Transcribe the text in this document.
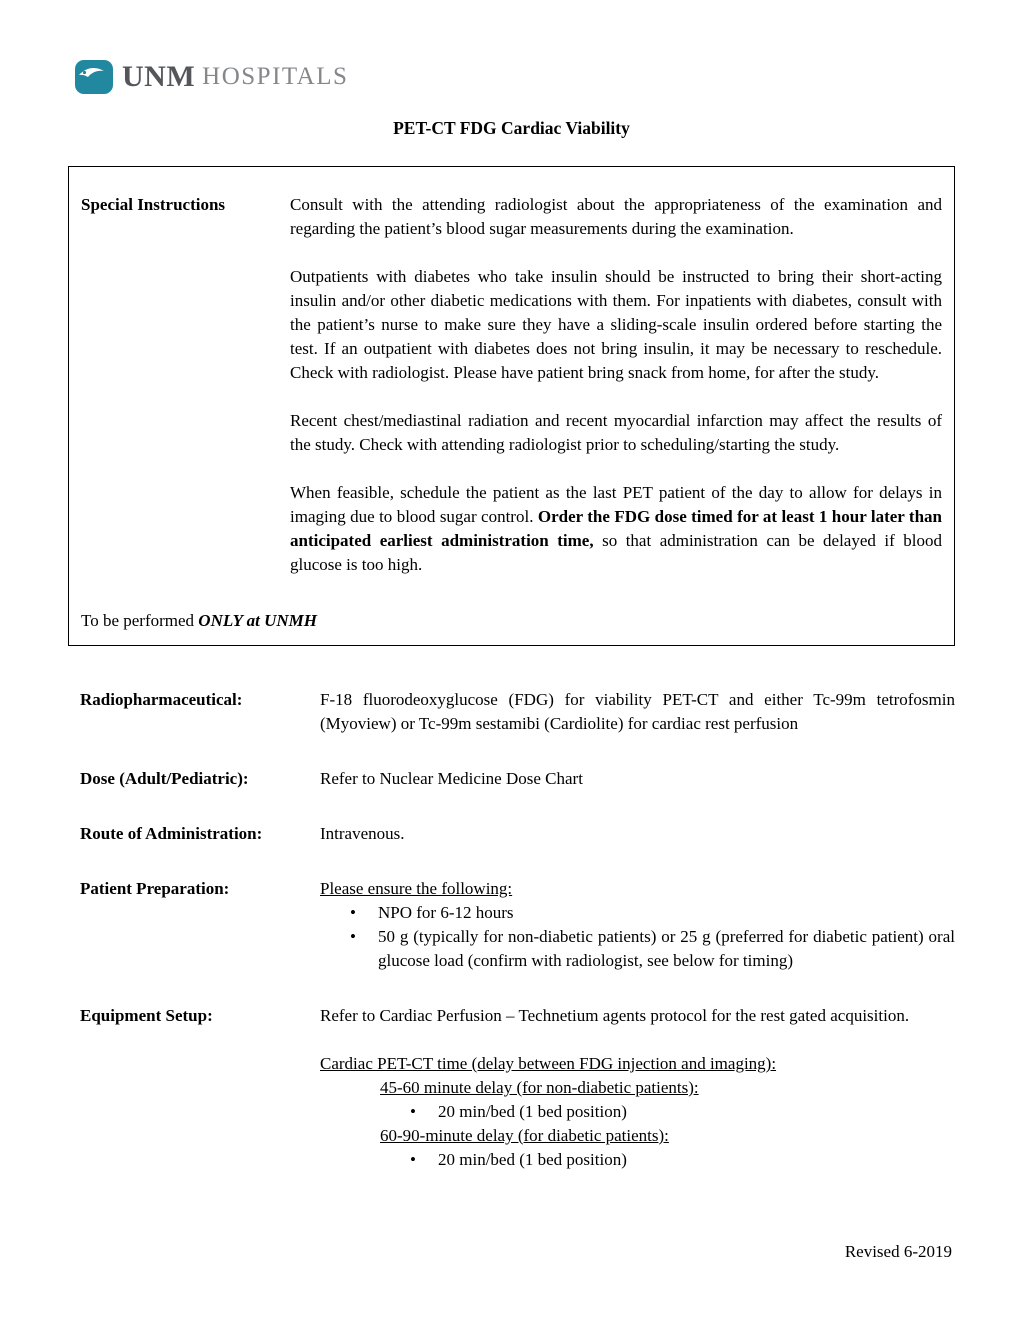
UNM HOSPITALS
PET-CT FDG Cardiac Viability
Special Instructions	Consult with the attending radiologist about the appropriateness of the examination and regarding the patient’s blood sugar measurements during the examination.

Outpatients with diabetes who take insulin should be instructed to bring their short-acting insulin and/or other diabetic medications with them. For inpatients with diabetes, consult with the patient’s nurse to make sure they have a sliding-scale insulin ordered before starting the test. If an outpatient with diabetes does not bring insulin, it may be necessary to reschedule. Check with radiologist. Please have patient bring snack from home, for after the study.

Recent chest/mediastinal radiation and recent myocardial infarction may affect the results of the study. Check with attending radiologist prior to scheduling/starting the study.

When feasible, schedule the patient as the last PET patient of the day to allow for delays in imaging due to blood sugar control. Order the FDG dose timed for at least 1 hour later than anticipated earliest administration time, so that administration can be delayed if blood glucose is too high.

To be performed ONLY at UNMH

Radiopharmaceutical:	F-18 fluorodeoxyglucose (FDG) for viability PET-CT and either Tc-99m tetrofosmin (Myoview) or Tc-99m sestamibi (Cardiolite) for cardiac rest perfusion
Dose (Adult/Pediatric):	Refer to Nuclear Medicine Dose Chart
Route of Administration:	Intravenous.
Patient Preparation:	Please ensure the following:
•
NPO for 6-12 hours
•
50 g (typically for non-diabetic patients) or 25 g (preferred for diabetic patient) oral glucose load (confirm with radiologist, see below for timing)
Equipment Setup:	Refer to Cardiac Perfusion – Technetium agents protocol for the rest gated acquisition.
Cardiac PET-CT time (delay between FDG injection and imaging):
45-60 minute delay (for non-diabetic patients):
•
20 min/bed (1 bed position)
60-90-minute delay (for diabetic patients):
•
20 min/bed (1 bed position)
Revised 6-2019
